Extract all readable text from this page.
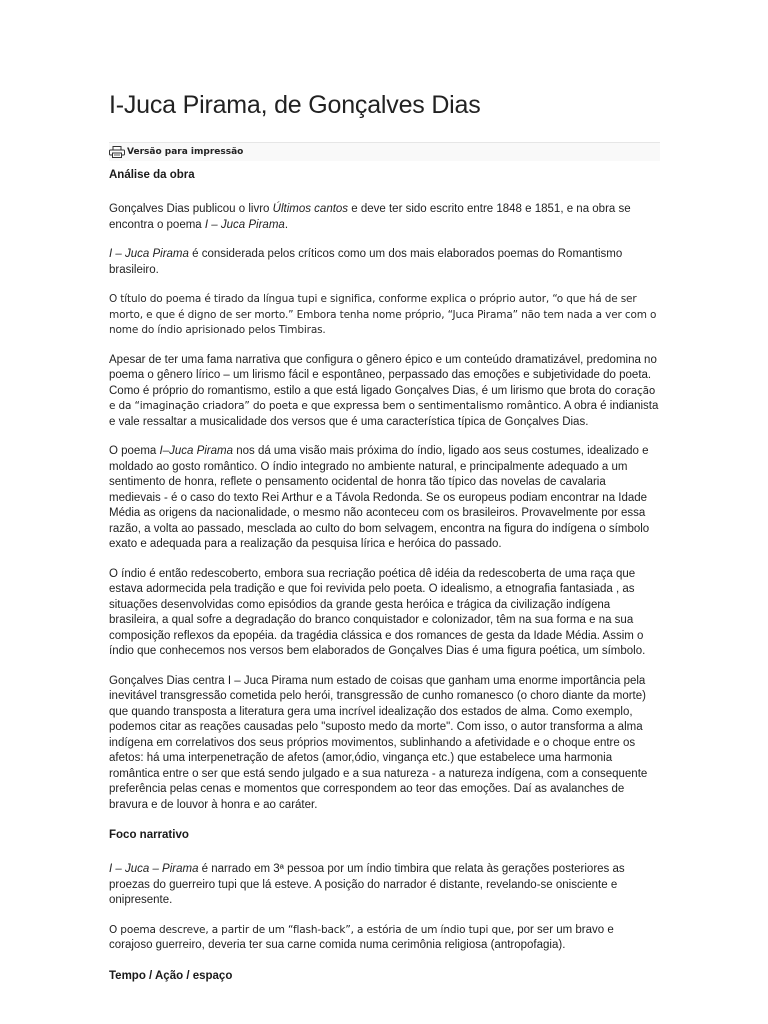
I-Juca Pirama, de Gonçalves Dias
Versão para impressão
Análise da obra

Gonçalves Dias publicou o livro Últimos cantos e deve ter sido escrito entre 1848 e 1851, e na obra se encontra o poema I – Juca Pirama.

I – Juca Pirama é considerada pelos críticos como um dos mais elaborados poemas do Romantismo brasileiro.

O título do poema é tirado da língua tupi e significa, conforme explica o próprio autor, “o que há de ser morto, e que é digno de ser morto.” Embora tenha nome próprio, “Juca Pirama” não tem nada a ver com o nome do índio aprisionado pelos Timbiras.

Apesar de ter uma fama narrativa que configura o gênero épico e um conteúdo dramatizável, predomina no poema o gênero lírico – um lirismo fácil e espontâneo, perpassado das emoções e subjetividade do poeta. Como é próprio do romantismo, estilo a que está ligado Gonçalves Dias, é um lirismo que brota do coração e da “imaginação criadora” do poeta e que expressa bem o sentimentalismo romântico. A obra é indianista e vale ressaltar a musicalidade dos versos que é uma característica típica de Gonçalves Dias.

O poema I–Juca Pirama nos dá uma visão mais próxima do índio, ligado aos seus costumes, idealizado e moldado ao gosto romântico. O índio integrado no ambiente natural, e principalmente adequado a um sentimento de honra, reflete o pensamento ocidental de honra tão típico das novelas de cavalaria medievais - é o caso do texto Rei Arthur e a Távola Redonda. Se os europeus podiam encontrar na Idade Média as origens da nacionalidade, o mesmo não aconteceu com os brasileiros. Provavelmente por essa razão, a volta ao passado, mesclada ao culto do bom selvagem, encontra na figura do indígena o símbolo exato e adequada para a realização da pesquisa lírica e heróica do passado.

O índio é então redescoberto, embora sua recriação poética dê idéia da redescoberta de uma raça que estava adormecida pela tradição e que foi revivida pelo poeta. O idealismo, a etnografia fantasiada , as situações desenvolvidas como episódios da grande gesta heróica e trágica da civilização indígena brasileira, a qual sofre a degradação do branco conquistador e colonizador, têm na sua forma e na sua composição reflexos da epopéia. da tragédia clássica e dos romances de gesta da Idade Média. Assim o índio que conhecemos nos versos bem elaborados de Gonçalves Dias é uma figura poética, um símbolo.

Gonçalves Dias centra I – Juca Pirama num estado de coisas que ganham uma enorme importância pela inevitável transgressão cometida pelo herói, transgressão de cunho romanesco (o choro diante da morte) que quando transposta a literatura gera uma incrível idealização dos estados de alma. Como exemplo, podemos citar as reações causadas pelo "suposto medo da morte". Com isso, o autor transforma a alma indígena em correlativos dos seus próprios movimentos, sublinhando a afetividade e o choque entre os afetos: há uma interpenetração de afetos (amor,ódio, vingança etc.) que estabelece uma harmonia romântica entre o ser que está sendo julgado e a sua natureza - a natureza indígena, com a consequente preferência pelas cenas e momentos que correspondem ao teor das emoções. Daí as avalanches de bravura e de louvor à honra e ao caráter.

Foco narrativo

I – Juca – Pirama é narrado em 3ª pessoa por um índio timbira que relata às gerações posteriores as proezas do guerreiro tupi que lá esteve. A posição do narrador é distante, revelando-se onisciente e onipresente.

O poema descreve, a partir de um “flash-back”, a estória de um índio tupi que, por ser um bravo e corajoso guerreiro, deveria ter sua carne comida numa cerimônia religiosa (antropofagia).

Tempo / Ação / espaço
